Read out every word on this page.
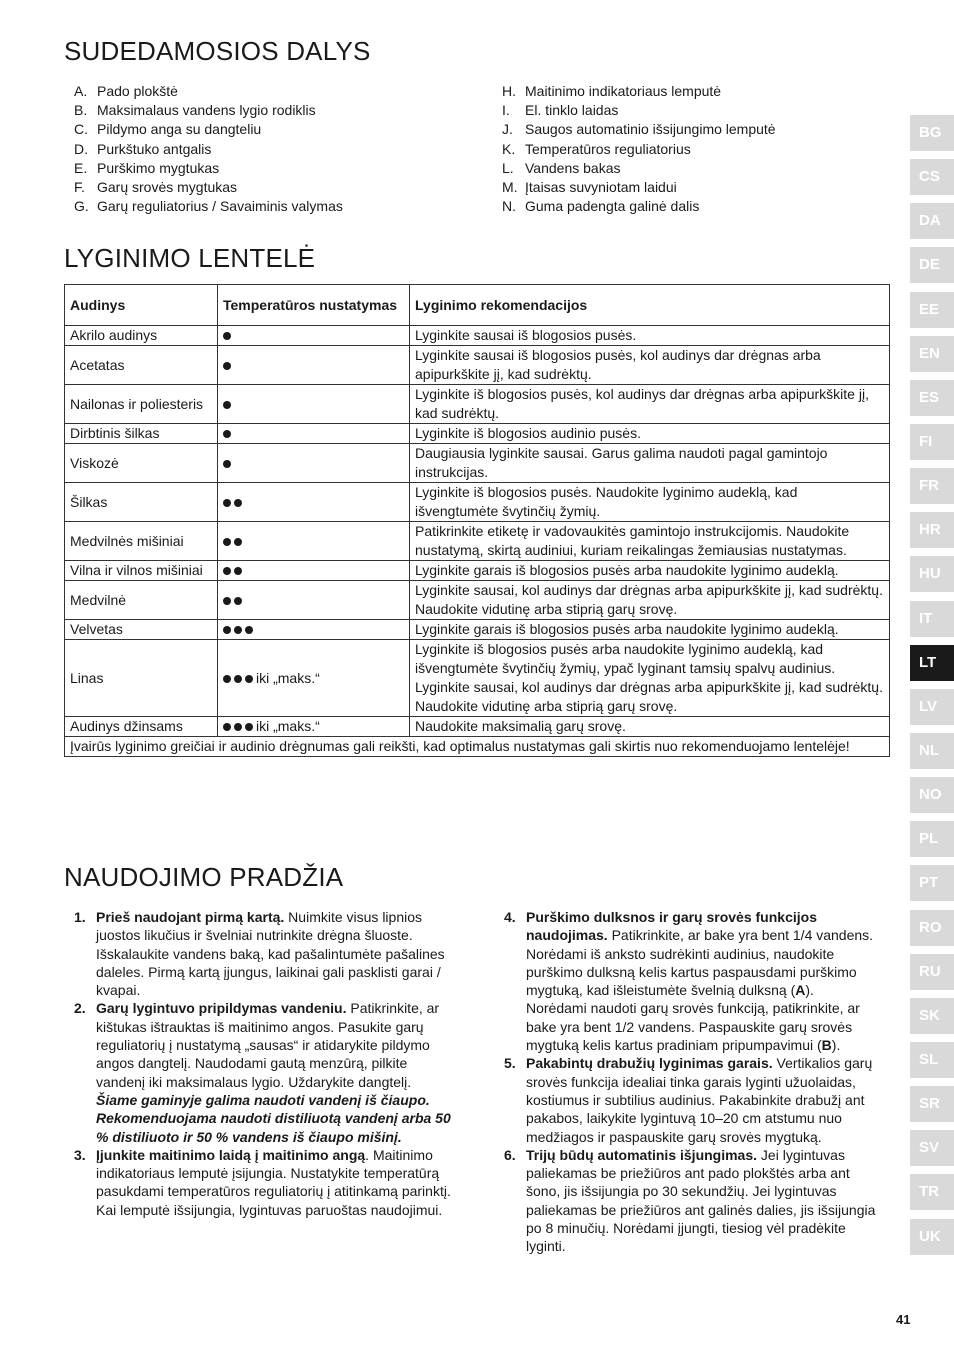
SUDEDAMOSIOS DALYS
A. Pado plokštė
B. Maksimalaus vandens lygio rodiklis
C. Pildymo anga su dangteliu
D. Purkštuko antgalis
E. Purškimo mygtukas
F. Garų srovės mygtukas
G. Garų reguliatorius / Savaiminis valymas
H. Maitinimo indikatoriaus lemputė
I.	El. tinklo laidas
J. Saugos automatinio išsijungimo lemputė
K. Temperatūros reguliatorius
L. Vandens bakas
M. Įtaisas suvyniotam laidui
N. Guma padengta galinė dalis
LYGINIMO LENTELĖ
Audinys	Temperatūros nustatymas	Lyginimo rekomendacijos
Akrilo audinys		Lyginkite sausai iš blogosios pusės.
Acetatas		Lyginkite sausai iš blogosios pusės, kol audinys dar drėgnas arba apipurkškite jį, kad sudrėktų.
Nailonas ir poliesteris		Lyginkite iš blogosios pusės, kol audinys dar drėgnas arba apipurkškite jį, kad sudrėktų.
Dirbtinis šilkas		Lyginkite iš blogosios audinio pusės.
Viskozė		Daugiausia lyginkite sausai. Garus galima naudoti pagal gamintojo instrukcijas.
Šilkas		Lyginkite iš blogosios pusės. Naudokite lyginimo audeklą, kad išvengtumėte švytinčių žymių.
Medvilnės mišiniai		Patikrinkite etiketę ir vadovaukitės gamintojo instrukcijomis. Naudokite nustatymą, skirtą audiniui, kuriam reikalingas žemiausias nustatymas.
Vilna ir vilnos mišiniai		Lyginkite garais iš blogosios pusės arba naudokite lyginimo audeklą.
Medvilnė		Lyginkite sausai, kol audinys dar drėgnas arba apipurkškite jį, kad sudrėktų. Naudokite vidutinę arba stiprią garų srovę.
Velvetas		Lyginkite garais iš blogosios pusės arba naudokite lyginimo audeklą.
Linas	iki „maks.“	Lyginkite iš blogosios pusės arba naudokite lyginimo audeklą, kad išvengtumėte švytinčių žymių, ypač lyginant tamsių spalvų audinius. Lyginkite sausai, kol audinys dar drėgnas arba apipurkškite jį, kad sudrėktų. Naudokite vidutinę arba stiprią garų srovę.
Audinys džinsams	iki „maks.“	Naudokite maksimalią garų srovę.
Įvairūs lyginimo greičiai ir audinio drėgnumas gali reikšti, kad optimalus nustatymas gali skirtis nuo rekomenduojamo lentelėje!		
NAUDOJIMO PRADŽIA
1. Prieš naudojant pirmą kartą. Nuimkite visus lipnios juostos likučius ir švelniai nutrinkite drėgna šluoste. Išskalaukite vandens baką, kad pašalintumėte pašalines daleles. Pirmą kartą įjungus, laikinai gali pasklisti garai / kvapai.
2. Garų lygintuvo pripildymas vandeniu. Patikrinkite, ar kištukas ištrauktas iš maitinimo angos. Pasukite garų reguliatorių į nustatymą „sausas“ ir atidarykite pildymo angos dangtelį. Naudodami gautą menzūrą, pilkite vandenį iki maksimalaus lygio. Uždarykite dangtelį. Šiame gaminyje galima naudoti vandenį iš čiaupo. Rekomenduojama naudoti distiliuotą vandenį arba 50 % distiliuoto ir 50 % vandens iš čiaupo mišinį.
3. Įjunkite maitinimo laidą į maitinimo angą. Maitinimo indikatoriaus lemputė įsijungia. Nustatykite temperatūrą pasukdami temperatūros reguliatorių į atitinkamą parinktį. Kai lemputė išsijungia, lygintuvas paruoštas naudojimui.
4. Purškimo dulksnos ir garų srovės funkcijos naudojimas. Patikrinkite, ar bake yra bent 1/4 vandens. Norėdami iš anksto sudrėkinti audinius, naudokite purškimo dulksną kelis kartus paspausdami purškimo mygtuką, kad išleistumėte švelnią dulksną (A). Norėdami naudoti garų srovės funkciją, patikrinkite, ar bake yra bent 1/2 vandens. Paspauskite garų srovės mygtuką kelis kartus pradiniam pripumpavimui (B).
5. Pakabintų drabužių lyginimas garais. Vertikalios garų srovės funkcija idealiai tinka garais lyginti užuolaidas, kostiumus ir subtilius audinius. Pakabinkite drabužį ant pakabos, laikykite lygintuvą 10–20 cm atstumu nuo medžiagos ir paspauskite garų srovės mygtuką.
6. Trijų būdų automatinis išjungimas. Jei lygintuvas paliekamas be priežiūros ant pado plokštės arba ant šono, jis išsijungia po 30 sekundžių. Jei lygintuvas paliekamas be priežiūros ant galinės dalies, jis išsijungia po 8 minučių. Norėdami įjungti, tiesiog vėl pradėkite lyginti.
BG
CS
DA
DE
EE
EN
ES
FI
FR
HR
HU
IT
LT
LV
NL
NO
PL
PT
RO
RU
SK
SL
SR
SV
TR
UK
41
